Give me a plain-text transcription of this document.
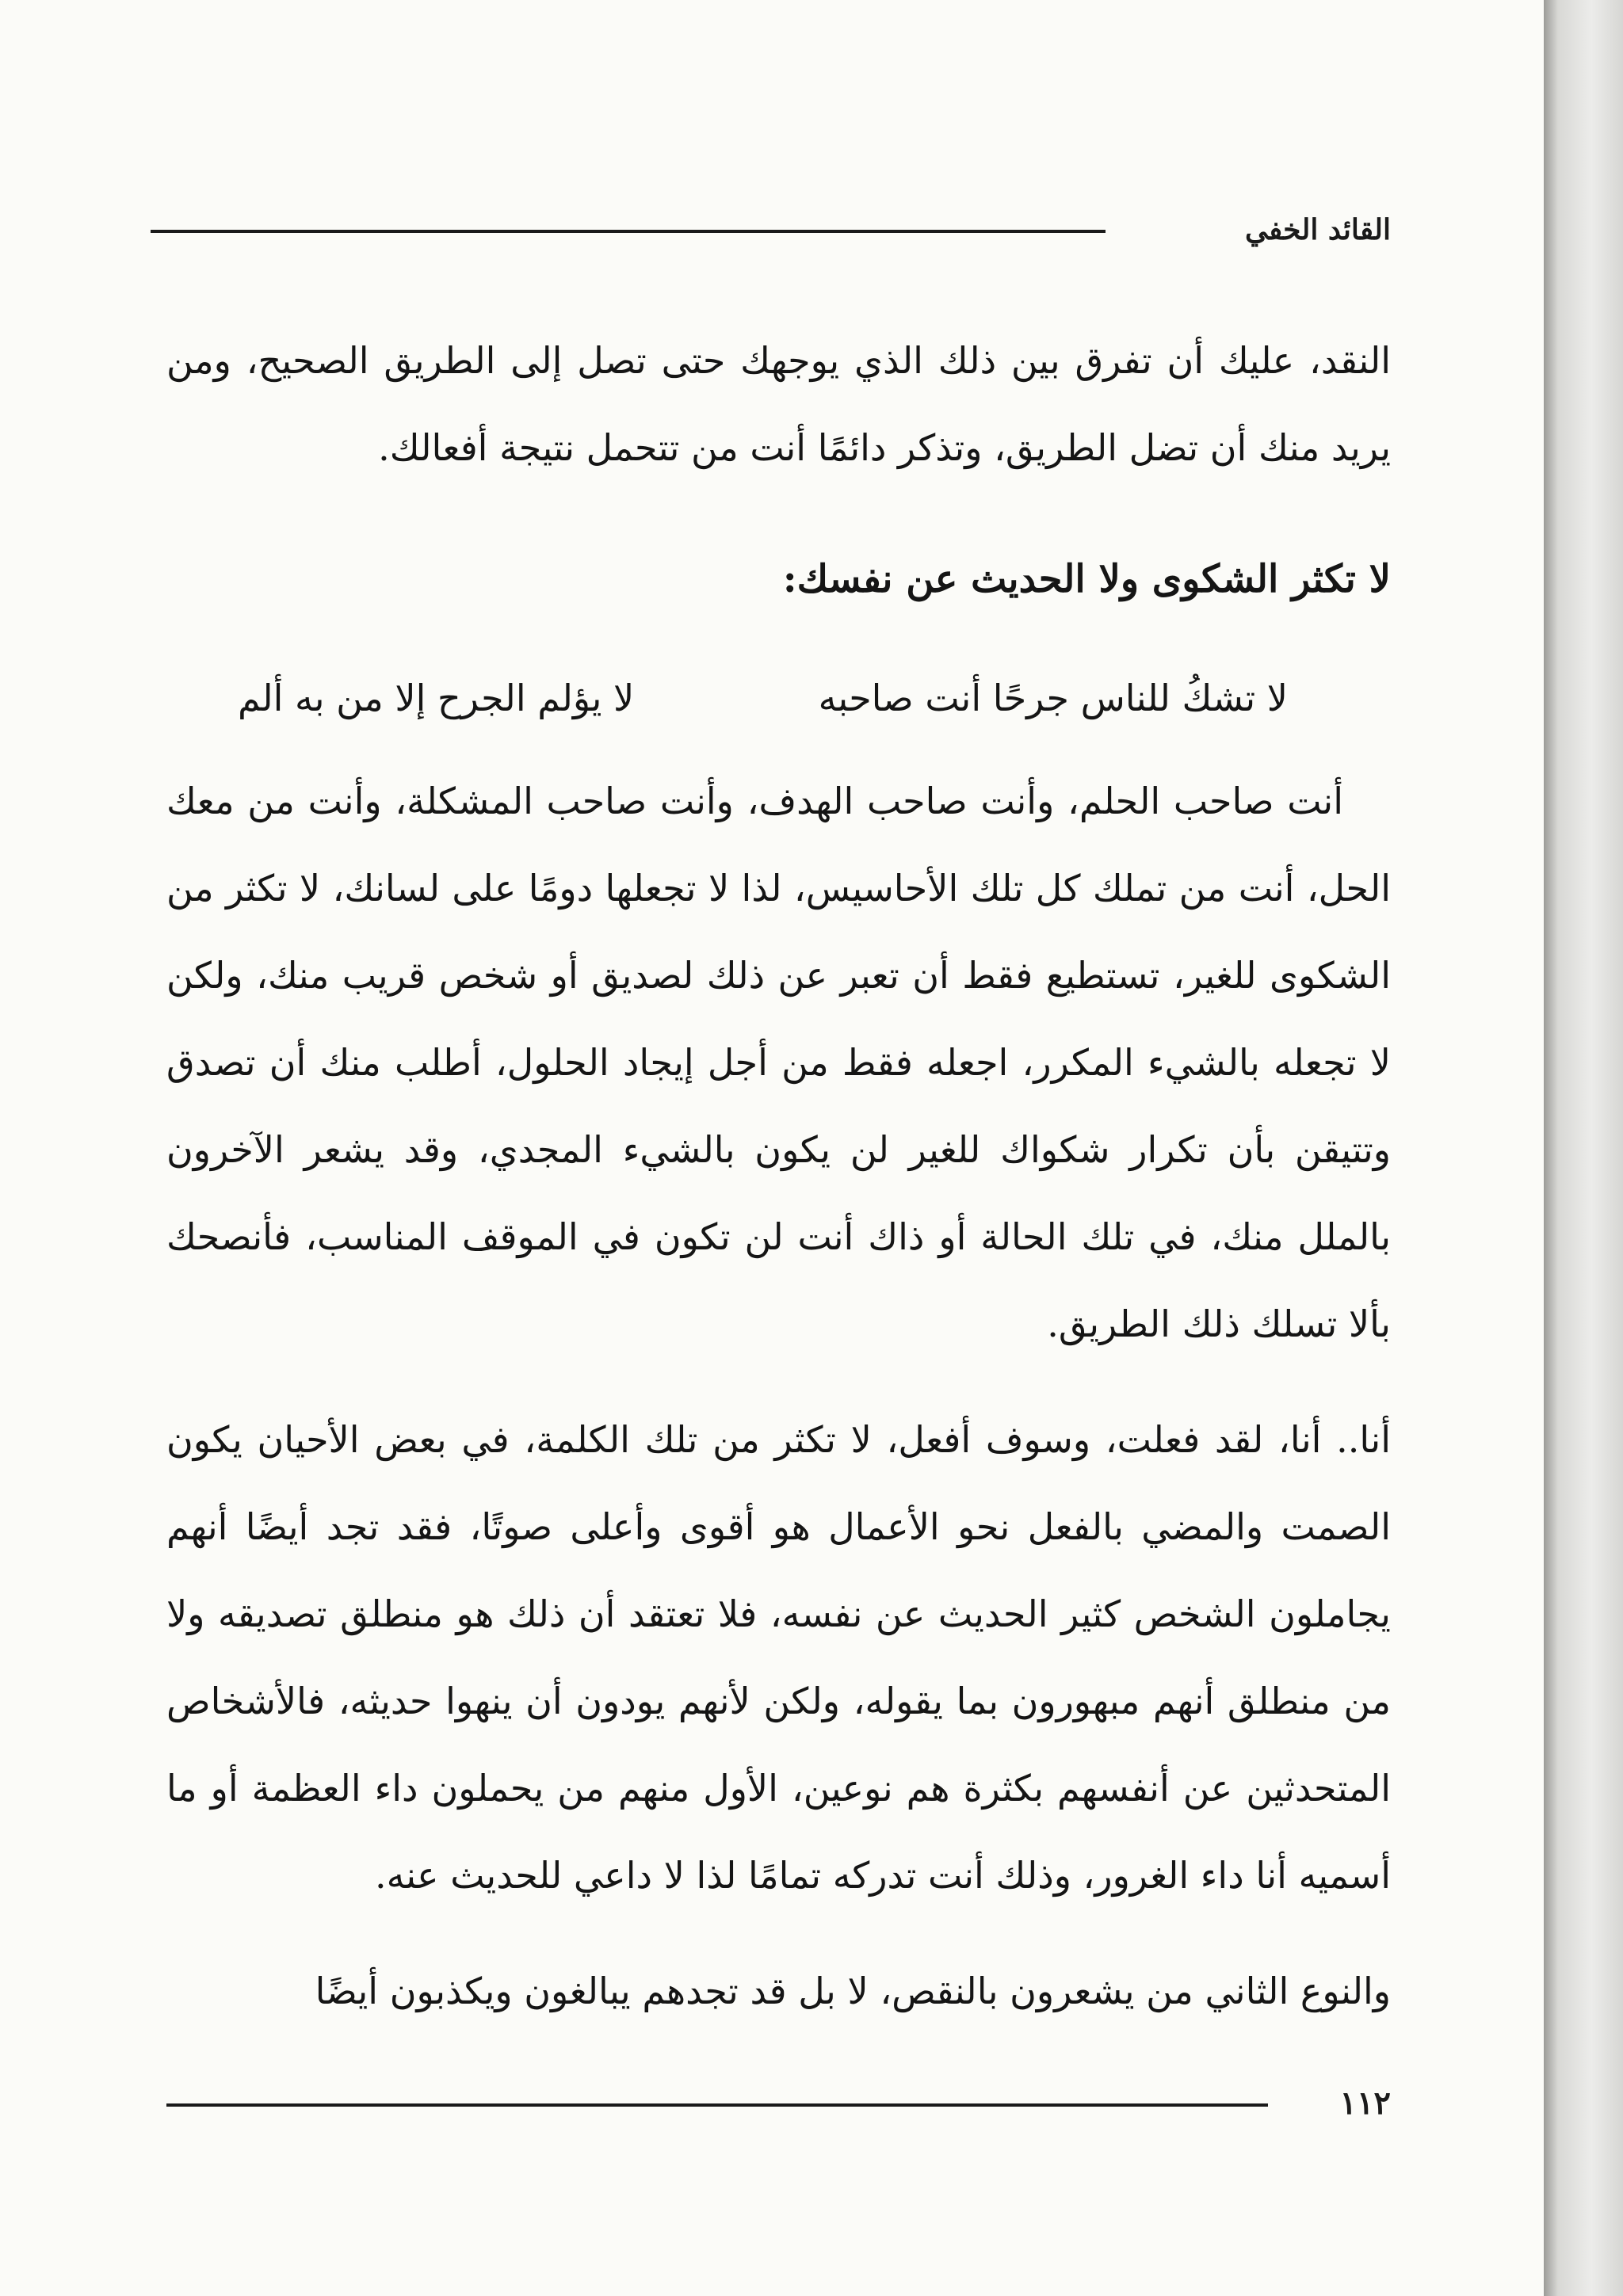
القائد الخفي

النقد، عليك أن تفرق بين ذلك الذي يوجهك حتى تصل إلى الطريق الصحيح، ومن يريد منك أن تضل الطريق، وتذكر دائمًا أنت من تتحمل نتيجة أفعالك.

لا تكثر الشكوى ولا الحديث عن نفسك:

لا تشكُ للناس جرحًا أنت صاحبه
لا يؤلم الجرح إلا من به ألم

أنت صاحب الحلم، وأنت صاحب الهدف، وأنت صاحب المشكلة، وأنت من معك الحل، أنت من تملك كل تلك الأحاسيس، لذا لا تجعلها دومًا على لسانك، لا تكثر من الشكوى للغير، تستطيع فقط أن تعبر عن ذلك لصديق أو شخص قريب منك، ولكن لا تجعله بالشيء المكرر، اجعله فقط من أجل إيجاد الحلول، أطلب منك أن تصدق وتتيقن بأن تكرار شكواك للغير لن يكون بالشيء المجدي، وقد يشعر الآخرون بالملل منك، في تلك الحالة أو ذاك أنت لن تكون في الموقف المناسب، فأنصحك بألا تسلك ذلك الطريق.

أنا.. أنا، لقد فعلت، وسوف أفعل، لا تكثر من تلك الكلمة، في بعض الأحيان يكون الصمت والمضي بالفعل نحو الأعمال هو أقوى وأعلى صوتًا، فقد تجد أيضًا أنهم يجاملون الشخص كثير الحديث عن نفسه، فلا تعتقد أن ذلك هو منطلق تصديقه ولا من منطلق أنهم مبهورون بما يقوله، ولكن لأنهم يودون أن ينهوا حديثه، فالأشخاص المتحدثين عن أنفسهم بكثرة هم نوعين، الأول منهم من يحملون داء العظمة أو ما أسميه أنا داء الغرور، وذلك أنت تدركه تمامًا لذا لا داعي للحديث عنه.

والنوع الثاني من يشعرون بالنقص، لا بل قد تجدهم يبالغون ويكذبون أيضًا

١١٢
